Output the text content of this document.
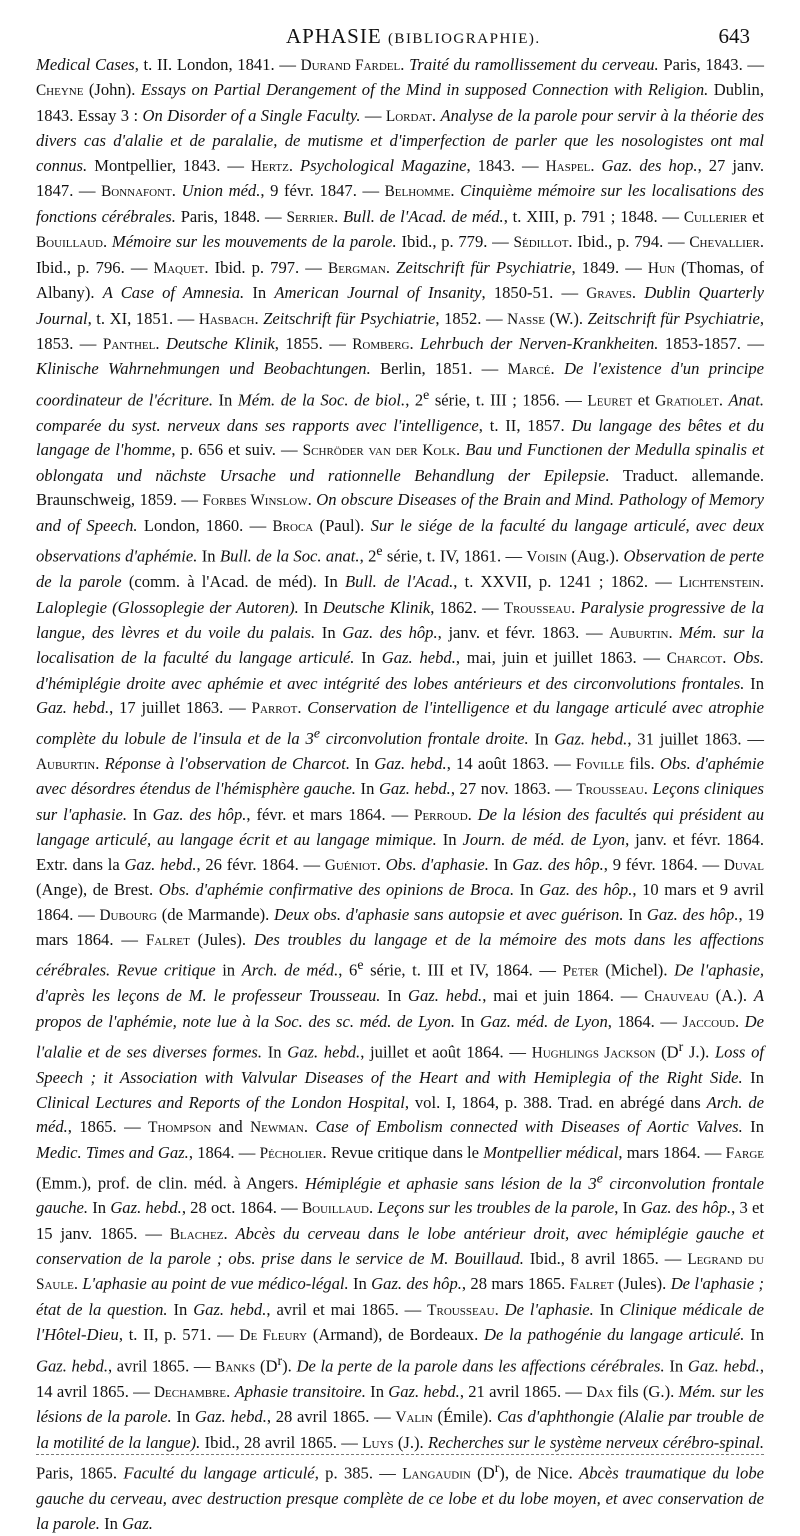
APHASIE (BIBLIOGRAPHIE).	643

Medical Cases, t. II. London, 1841. — Durand Fardel. Traité du ramollissement du cerveau. Paris, 1843. — Cheyne (John). Essays on Partial Derangement of the Mind in supposed Connection with Religion. Dublin, 1843. Essay 3 : On Disorder of a Single Faculty. — Lordat. Analyse de la parole pour servir à la théorie des divers cas d'alalie et de paralalie, de mutisme et d'imperfection de parler que les nosologistes ont mal connus. Montpellier, 1843. — Hertz. Psychological Magazine, 1843. — Haspel. Gaz. des hop., 27 janv. 1847. — Bonnafont. Union méd., 9 févr. 1847. — Belhomme. Cinquième mémoire sur les localisations des fonctions cérébrales. Paris, 1848. — Serrier. Bull. de l'Acad. de méd., t. XIII, p. 791 ; 1848. — Cullerier et Bouillaud. Mémoire sur les mouvements de la parole. Ibid., p. 779. — Sédillot. Ibid., p. 794. — Chevallier. Ibid., p. 796. — Maquet. Ibid. p. 797. — Bergman. Zeitschrift für Psychiatrie, 1849. — Hun (Thomas, of Albany). A Case of Amnesia. In American Journal of Insanity, 1850-51. — Graves. Dublin Quarterly Journal, t. XI, 1851. — Hasbach. Zeitschrift für Psychiatrie, 1852. — Nasse (W.). Zeitschrift für Psychiatrie, 1853. — Panthel. Deutsche Klinik, 1855. — Romberg. Lehrbuch der Nerven-Krankheiten. 1853-1857. — Klinische Wahrnehmungen und Beobachtungen. Berlin, 1851. — Marcé. De l'existence d'un principe coordinateur de l'écriture. In Mém. de la Soc. de biol., 2e série, t. III ; 1856. — Leuret et Gratiolet. Anat. comparée du syst. nerveux dans ses rapports avec l'intelligence, t. II, 1857. Du langage des bêtes et du langage de l'homme, p. 656 et suiv. — Schröder van der Kolk. Bau und Functionen der Medulla spinalis et oblongata und nächste Ursache und rationnelle Behandlung der Epilepsie. Traduct. allemande. Braunschweig, 1859. — Forbes Winslow. On obscure Diseases of the Brain and Mind. Pathology of Memory and of Speech. London, 1860. — Broca (Paul). Sur le siége de la faculté du langage articulé, avec deux observations d'aphémie. In Bull. de la Soc. anat., 2e série, t. IV, 1861. — Voisin (Aug.). Observation de perte de la parole (comm. à l'Acad. de méd). In Bull. de l'Acad., t. XXVII, p. 1241 ; 1862. — Lichtenstein. Laloplegie (Glossoplegie der Autoren). In Deutsche Klinik, 1862. — Trousseau. Paralysie progressive de la langue, des lèvres et du voile du palais. In Gaz. des hôp., janv. et févr. 1863. — Auburtin. Mém. sur la localisation de la faculté du langage articulé. In Gaz. hebd., mai, juin et juillet 1863. — Charcot. Obs. d'hémiplégie droite avec aphémie et avec intégrité des lobes antérieurs et des circonvolutions frontales. In Gaz. hebd., 17 juillet 1863. — Parrot. Conservation de l'intelligence et du langage articulé avec atrophie complète du lobule de l'insula et de la 3e circonvolution frontale droite. In Gaz. hebd., 31 juillet 1863. — Auburtin. Réponse à l'observation de Charcot. In Gaz. hebd., 14 août 1863. — Foville fils. Obs. d'aphémie avec désordres étendus de l'hémisphère gauche. In Gaz. hebd., 27 nov. 1863. — Trousseau. Leçons cliniques sur l'aphasie. In Gaz. des hôp., févr. et mars 1864. — Perroud. De la lésion des facultés qui président au langage articulé, au langage écrit et au langage mimique. In Journ. de méd. de Lyon, janv. et févr. 1864. Extr. dans la Gaz. hebd., 26 févr. 1864. — Guéniot. Obs. d'aphasie. In Gaz. des hôp., 9 févr. 1864. — Duval (Ange), de Brest. Obs. d'aphémie confirmative des opinions de Broca. In Gaz. des hôp., 10 mars et 9 avril 1864. — Dubourg (de Marmande). Deux obs. d'aphasie sans autopsie et avec guérison. In Gaz. des hôp., 19 mars 1864. — Falret (Jules). Des troubles du langage et de la mémoire des mots dans les affections cérébrales. Revue critique in Arch. de méd., 6e série, t. III et IV, 1864. — Peter (Michel). De l'aphasie, d'après les leçons de M. le professeur Trousseau. In Gaz. hebd., mai et juin 1864. — Chauveau (A.). A propos de l'aphémie, note lue à la Soc. des sc. méd. de Lyon. In Gaz. méd. de Lyon, 1864. — Jaccoud. De l'alalie et de ses diverses formes. In Gaz. hebd., juillet et août 1864. — Hughlings Jackson ($D^r$ J.). Loss of Speech ; it Association with Valvular Diseases of the Heart and with Hemiplegia of the Right Side. In Clinical Lectures and Reports of the London Hospital, vol. I, 1864, p. 388. Trad. en abrégé dans Arch. de méd., 1865. — Thompson and Newman. Case of Embolism connected with Diseases of Aortic Valves. In Medic. Times and Gaz., 1864. — Pécholier. Revue critique dans le Montpellier médical, mars 1864. — Farge (Emm.), prof. de clin. méd. à Angers. Hémiplégie et aphasie sans lésion de la 3e circonvolution frontale gauche. In Gaz. hebd., 28 oct. 1864. — Bouillaud. Leçons sur les troubles de la parole, In Gaz. des hôp., 3 et 15 janv. 1865. — Blachez. Abcès du cerveau dans le lobe antérieur droit, avec hémiplégie gauche et conservation de la parole ; obs. prise dans le service de M. Bouillaud. Ibid., 8 avril 1865. — Legrand du Saule. L'aphasie au point de vue médico-légal. In Gaz. des hôp., 28 mars 1865. Falret (Jules). De l'aphasie ; état de la question. In Gaz. hebd., avril et mai 1865. — Trousseau. De l'aphasie. In Clinique médicale de l'Hôtel-Dieu, t. II, p. 571. — De Fleury (Armand), de Bordeaux. De la pathogénie du langage articulé. In Gaz. hebd., avril 1865. — Banks $(D^r)$. De la perte de la parole dans les affections cérébrales. In Gaz. hebd., 14 avril 1865. — Dechambre. Aphasie transitoire. In Gaz. hebd., 21 avril 1865. — Dax fils (G.). Mém. sur les lésions de la parole. In Gaz. hebd., 28 avril 1865. — Valin (Émile). Cas d'aphthongie (Alalie par trouble de la motilité de la langue). Ibid., 28 avril 1865. — Luys (J.). Recherches sur le système nerveux cérébro-spinal. Paris, 1865. Faculté du langage articulé, p. 385. — Langaudin $(D^r)$, de Nice. Abcès traumatique du lobe gauche du cerveau, avec destruction presque complète de ce lobe et du lobe moyen, et avec conservation de la parole. In Gaz.
